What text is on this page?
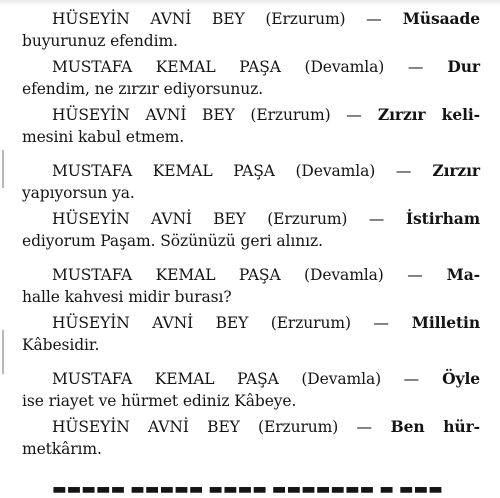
HÜSEYİN AVNİ BEY (Erzurum) — Müsaade
buyurunuz efendim.
MUSTAFA KEMAL PAŞA (Devamla) — Dur
efendim, ne zırzır ediyorsunuz.
HÜSEYİN AVNİ BEY (Erzurum) — Zırzır keli-
mesini kabul etmem.
MUSTAFA KEMAL PAŞA (Devamla) — Zırzır
yapıyorsun ya.
HÜSEYİN AVNİ BEY (Erzurum) — İstirham
ediyorum Paşam. Sözünüzü geri alınız.
MUSTAFA KEMAL PAŞA (Devamla) — Ma-
halle kahvesi midir burası?
HÜSEYİN AVNİ BEY (Erzurum) — Milletin
Kâbesidir.
MUSTAFA KEMAL PAŞA (Devamla) — Öyle
ise riayet ve hürmet ediniz Kâbeye.
HÜSEYİN AVNİ BEY (Erzurum) — Ben hür-
metkârım.
▬▬▬▬▬ ▬▬▬▬▬ ▬▬▬▬ ▬▬▬▬▬▬▬ ▬ ▬▬▬
